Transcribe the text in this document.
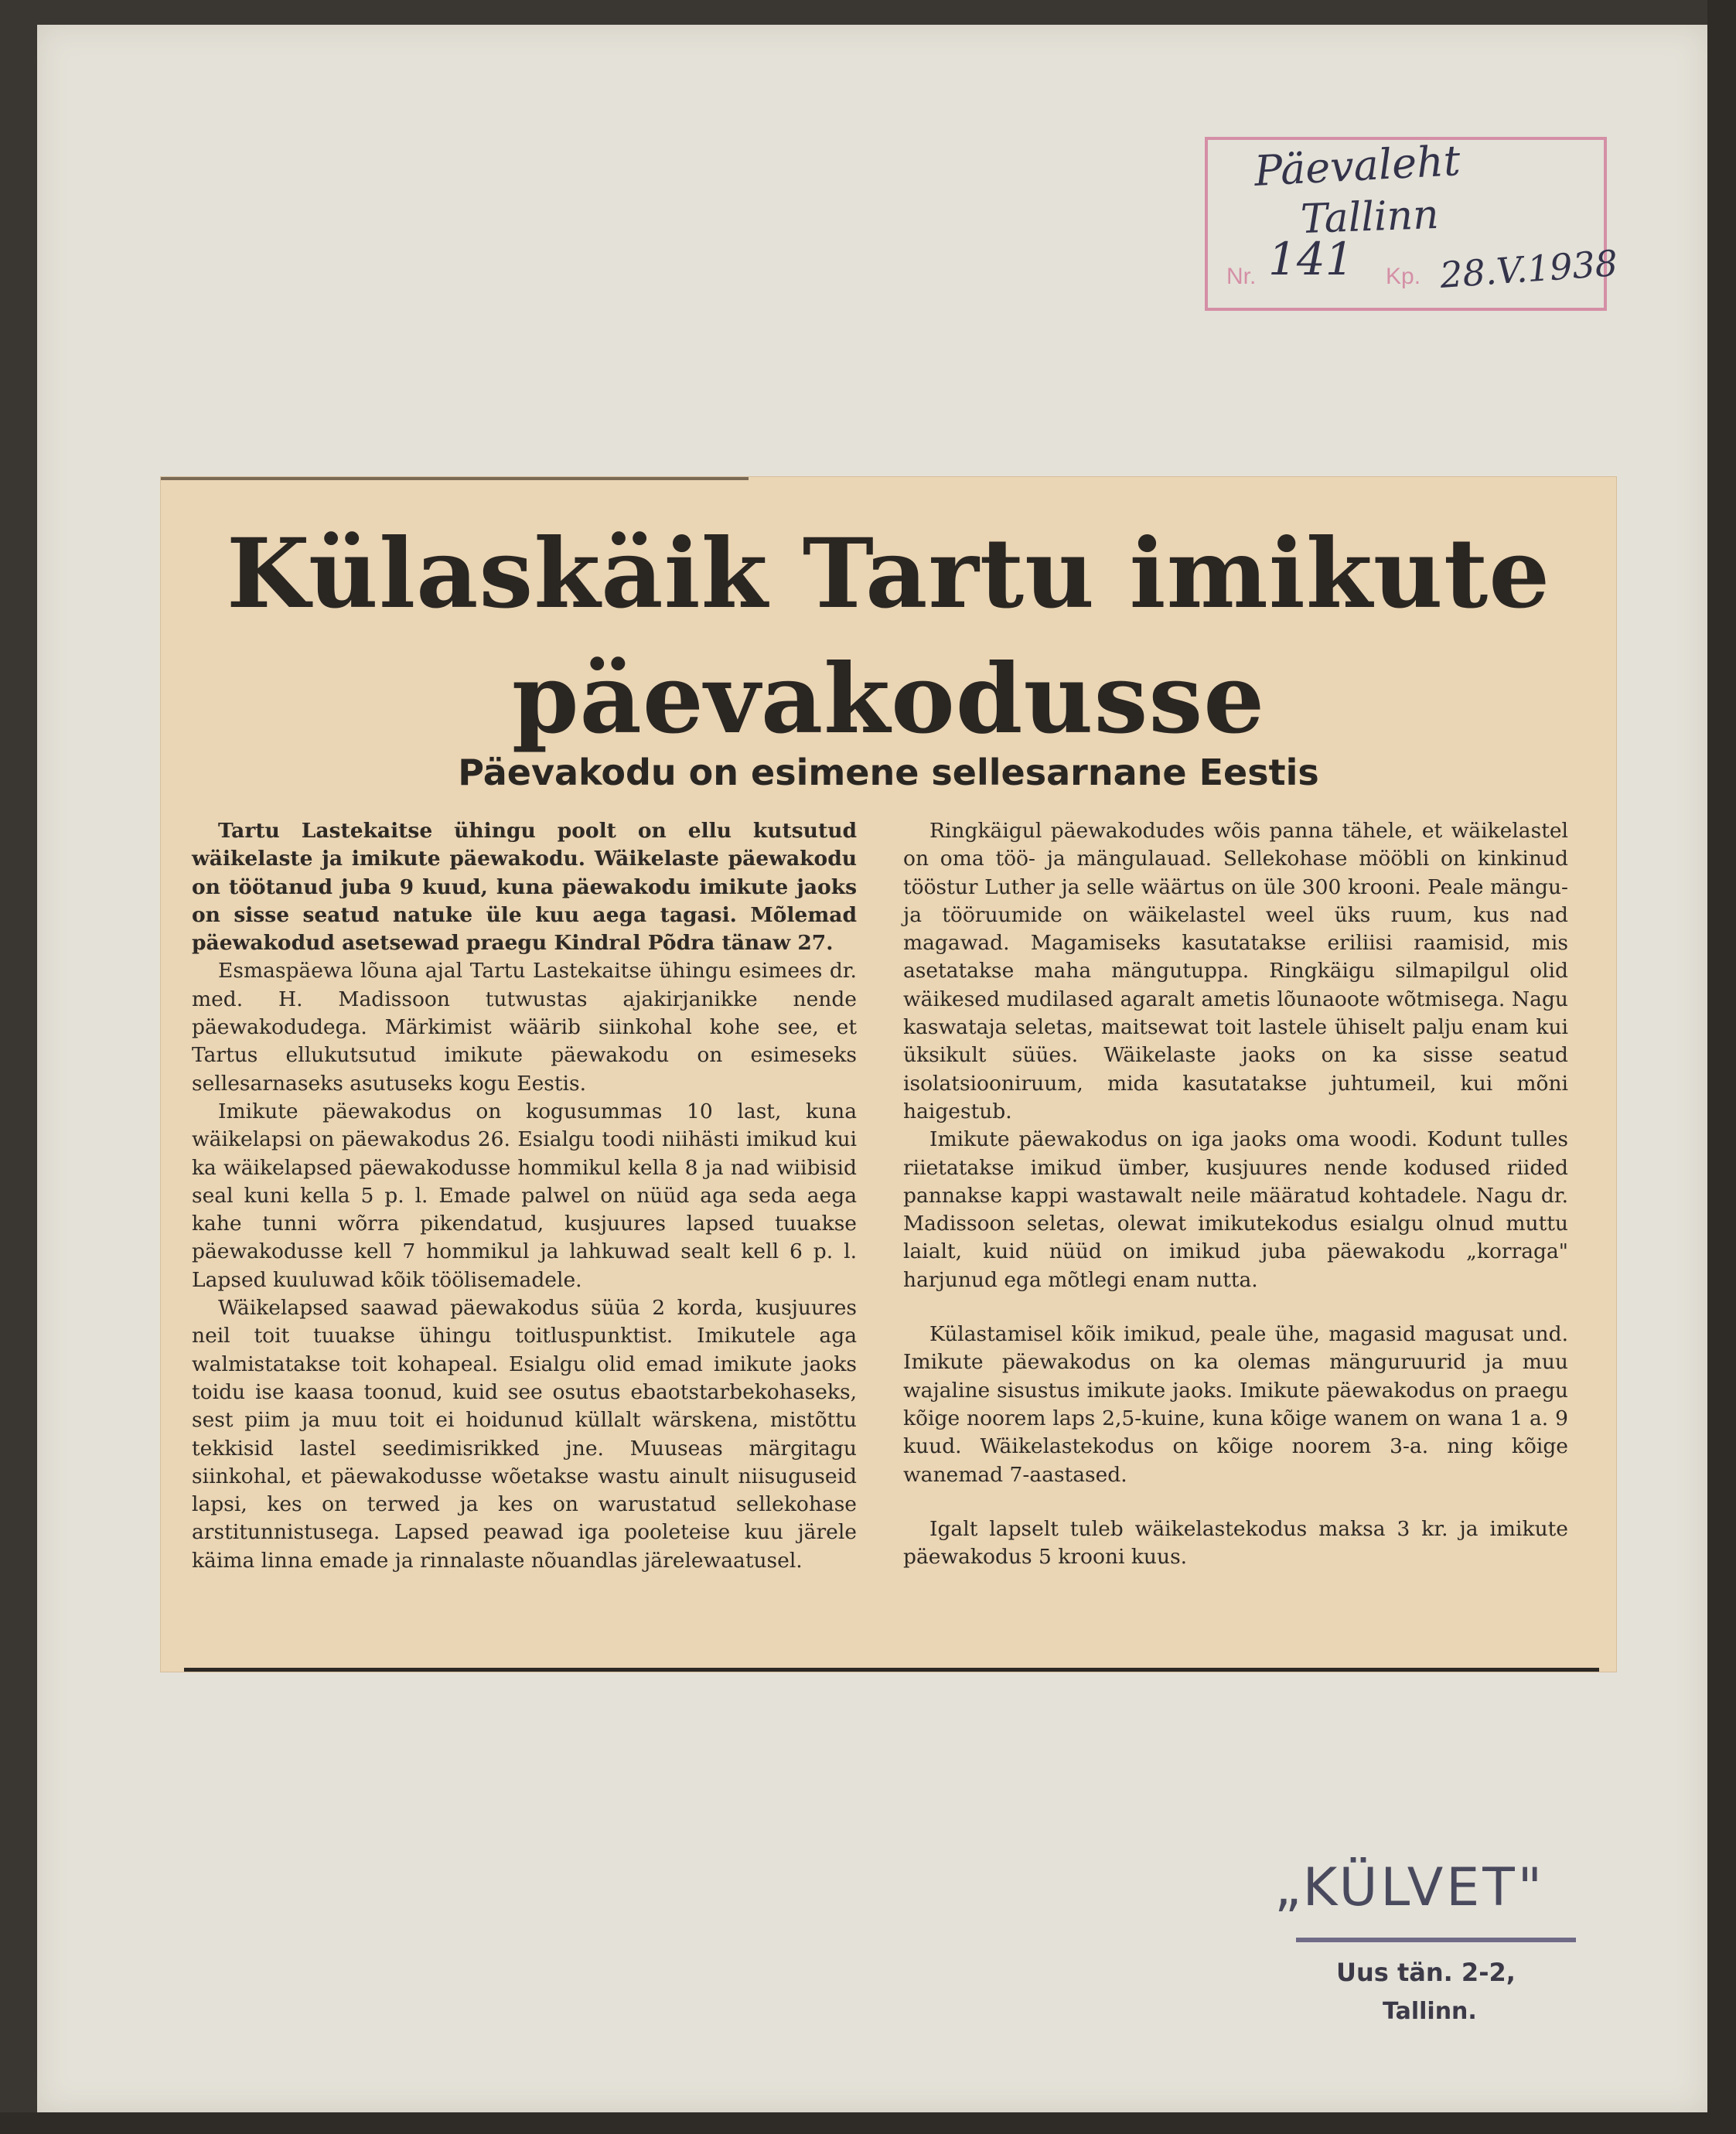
Päevaleht
Tallinn
Nr. 141 Kp. 28.V.1938
Külaskäik Tartu imikute
päevakodusse
Päevakodu on esimene sellesarnane Eestis

Tartu Lastekaitse ühingu poolt on ellu kutsutud wäikelaste ja imikute päewakodu. Wäikelaste päewakodu on töötanud juba 9 kuud, kuna päewakodu imikute jaoks on sisse seatud natuke üle kuu aega tagasi. Mõlemad päewakodud asetsewad praegu Kindral Põdra tänaw 27.

Esmaspäewa lõuna ajal Tartu Lastekaitse ühingu esimees dr. med. H. Madissoon tutwustas ajakirjanikke nende päewakodudega. Märkimist wäärib siinkohal kohe see, et Tartus ellukutsutud imikute päewakodu on esimeseks sellesarnaseks asutuseks kogu Eestis.

Imikute päewakodus on kogusummas 10 last, kuna wäikelapsi on päewakodus 26. Esialgu toodi niihästi imikud kui ka wäikelapsed päewakodusse hommikul kella 8 ja nad wiibisid seal kuni kella 5 p. l. Emade palwel on nüüd aga seda aega kahe tunni wõrra pikendatud, kusjuures lapsed tuuakse päewakodusse kell 7 hommikul ja lahkuwad sealt kell 6 p. l. Lapsed kuuluwad kõik töölisemadele.

Wäikelapsed saawad päewakodus süüa 2 korda, kusjuures neil toit tuuakse ühingu toitluspunktist. Imikutele aga walmistatakse toit kohapeal. Esialgu olid emad imikute jaoks toidu ise kaasa toonud, kuid see osutus ebaotstarbekohaseks, sest piim ja muu toit ei hoidunud küllalt wärskena, mistõttu tekkisid lastel seedimisrikked jne. Muuseas märgitagu siinkohal, et päewakodusse wõetakse wastu ainult niisuguseid lapsi, kes on terwed ja kes on warustatud sellekohase arstitunnistusega. Lapsed peawad iga pooleteise kuu järele käima linna emade ja rinnalaste nõuandlas järelewaatusel.

Ringkäigul päewakodudes wõis panna tähele, et wäikelastel on oma töö- ja mängulauad. Sellekohase mööbli on kinkinud tööstur Luther ja selle wäärtus on üle 300 krooni. Peale mängu- ja tööruumide on wäikelastel weel üks ruum, kus nad magawad. Magamiseks kasutatakse eriliisi raamisid, mis asetatakse maha mängutuppa. Ringkäigu silmapilgul olid wäikesed mudilased agaralt ametis lõunaoote wõtmisega. Nagu kaswataja seletas, maitsewat toit lastele ühiselt palju enam kui üksikult süües. Wäikelaste jaoks on ka sisse seatud isolatsiooniruum, mida kasutatakse juhtumeil, kui mõni haigestub.

Imikute päewakodus on iga jaoks oma woodi. Kodunt tulles riietatakse imikud ümber, kusjuures nende kodused riided pannakse kappi wastawalt neile määratud kohtadele. Nagu dr. Madissoon seletas, olewat imikutekodus esialgu olnud muttu laialt, kuid nüüd on imikud juba päewakodu „korraga" harjunud ega mõtlegi enam nutta.

Külastamisel kõik imikud, peale ühe, magasid magusat und. Imikute päewakodus on ka olemas mänguruurid ja muu wajaline sisustus imikute jaoks. Imikute päewakodus on praegu kõige noorem laps 2,5-kuine, kuna kõige wanem on wana 1 a. 9 kuud. Wäikelastekodus on kõige noorem 3-a. ning kõige wanemad 7-aastased.

Igalt lapselt tuleb wäikelastekodus maksa 3 kr. ja imikute päewakodus 5 krooni kuus.

„KÜLVET"
Uus tän. 2-2,
Tallinn.
